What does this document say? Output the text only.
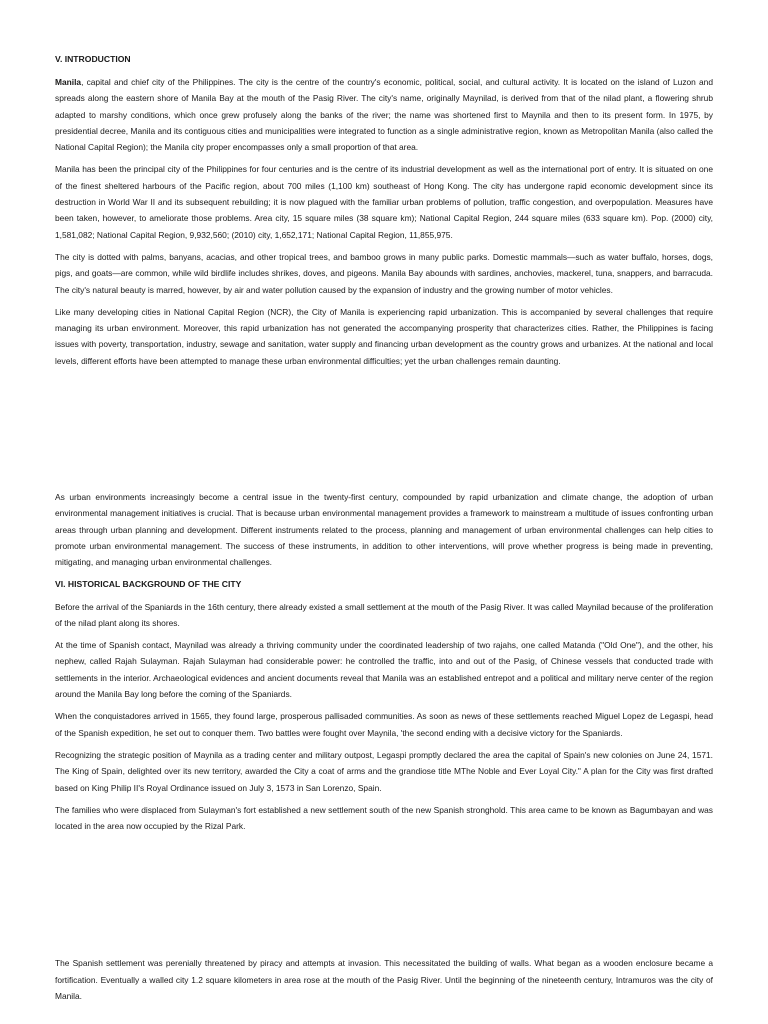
V. INTRODUCTION

Manila, capital and chief city of the Philippines. The city is the centre of the country's economic, political, social, and cultural activity. It is located on the island of Luzon and spreads along the eastern shore of Manila Bay at the mouth of the Pasig River. The city's name, originally Maynilad, is derived from that of the nilad plant, a flowering shrub adapted to marshy conditions, which once grew profusely along the banks of the river; the name was shortened first to Maynila and then to its present form. In 1975, by presidential decree, Manila and its contiguous cities and municipalities were integrated to function as a single administrative region, known as Metropolitan Manila (also called the National Capital Region); the Manila city proper encompasses only a small proportion of that area.

Manila has been the principal city of the Philippines for four centuries and is the centre of its industrial development as well as the international port of entry. It is situated on one of the finest sheltered harbours of the Pacific region, about 700 miles (1,100 km) southeast of Hong Kong. The city has undergone rapid economic development since its destruction in World War II and its subsequent rebuilding; it is now plagued with the familiar urban problems of pollution, traffic congestion, and overpopulation. Measures have been taken, however, to ameliorate those problems. Area city, 15 square miles (38 square km); National Capital Region, 244 square miles (633 square km). Pop. (2000) city, 1,581,082; National Capital Region, 9,932,560; (2010) city, 1,652,171; National Capital Region, 11,855,975.

The city is dotted with palms, banyans, acacias, and other tropical trees, and bamboo grows in many public parks. Domestic mammals—such as water buffalo, horses, dogs, pigs, and goats—are common, while wild birdlife includes shrikes, doves, and pigeons. Manila Bay abounds with sardines, anchovies, mackerel, tuna, snappers, and barracuda. The city's natural beauty is marred, however, by air and water pollution caused by the expansion of industry and the growing number of motor vehicles.

Like many developing cities in National Capital Region (NCR), the City of Manila is experiencing rapid urbanization. This is accompanied by several challenges that require managing its urban environment. Moreover, this rapid urbanization has not generated the accompanying prosperity that characterizes cities. Rather, the Philippines is facing issues with poverty, transportation, industry, sewage and sanitation, water supply and financing urban development as the country grows and urbanizes. At the national and local levels, different efforts have been attempted to manage these urban environmental difficulties; yet the urban challenges remain daunting.

As urban environments increasingly become a central issue in the twenty-first century, compounded by rapid urbanization and climate change, the adoption of urban environmental management initiatives is crucial. That is because urban environmental management provides a framework to mainstream a multitude of issues confronting urban areas through urban planning and development. Different instruments related to the process, planning and management of urban environmental challenges can help cities to promote urban environmental management. The success of these instruments, in addition to other interventions, will prove whether progress is being made in preventing, mitigating, and managing urban environmental challenges.

VI. HISTORICAL BACKGROUND OF THE CITY

Before the arrival of the Spaniards in the 16th century, there already existed a small settlement at the mouth of the Pasig River. It was called Maynilad because of the proliferation of the nilad plant along its shores.

At the time of Spanish contact, Maynilad was already a thriving community under the coordinated leadership of two rajahs, one called Matanda ("Old One"), and the other, his nephew, called Rajah Sulayman. Rajah Sulayman had considerable power: he controlled the traffic, into and out of the Pasig, of Chinese vessels that conducted trade with settlements in the interior. Archaeological evidences and ancient documents reveal that Manila was an established entrepot and a political and military nerve center of the region around the Manila Bay long before the coming of the Spaniards.

When the conquistadores arrived in 1565, they found large, prosperous pallisaded communities. As soon as news of these settlements reached Miguel Lopez de Legaspi, head of the Spanish expedition, he set out to conquer them. Two battles were fought over Maynila, 'the second ending with a decisive victory for the Spaniards.

Recognizing the strategic position of Maynila as a trading center and military outpost, Legaspi promptly declared the area the capital of Spain's new colonies on June 24, 1571. The King of Spain, delighted over its new territory, awarded the City a coat of arms and the grandiose title MThe Noble and Ever Loyal City." A plan for the City was first drafted based on King Philip II's Royal Ordinance issued on July 3, 1573 in San Lorenzo, Spain.

The families who were displaced from Sulayman's fort established a new settlement south of the new Spanish stronghold. This area came to be known as Bagumbayan and was located in the area now occupied by the Rizal Park.

The Spanish settlement was perenially threatened by piracy and attempts at invasion. This necessitated the building of walls. What began as a wooden enclosure became a fortification. Eventually a walled city 1.2 square kilometers in area rose at the mouth of the Pasig River. Until the beginning of the nineteenth century, Intramuros was the city of Manila.
